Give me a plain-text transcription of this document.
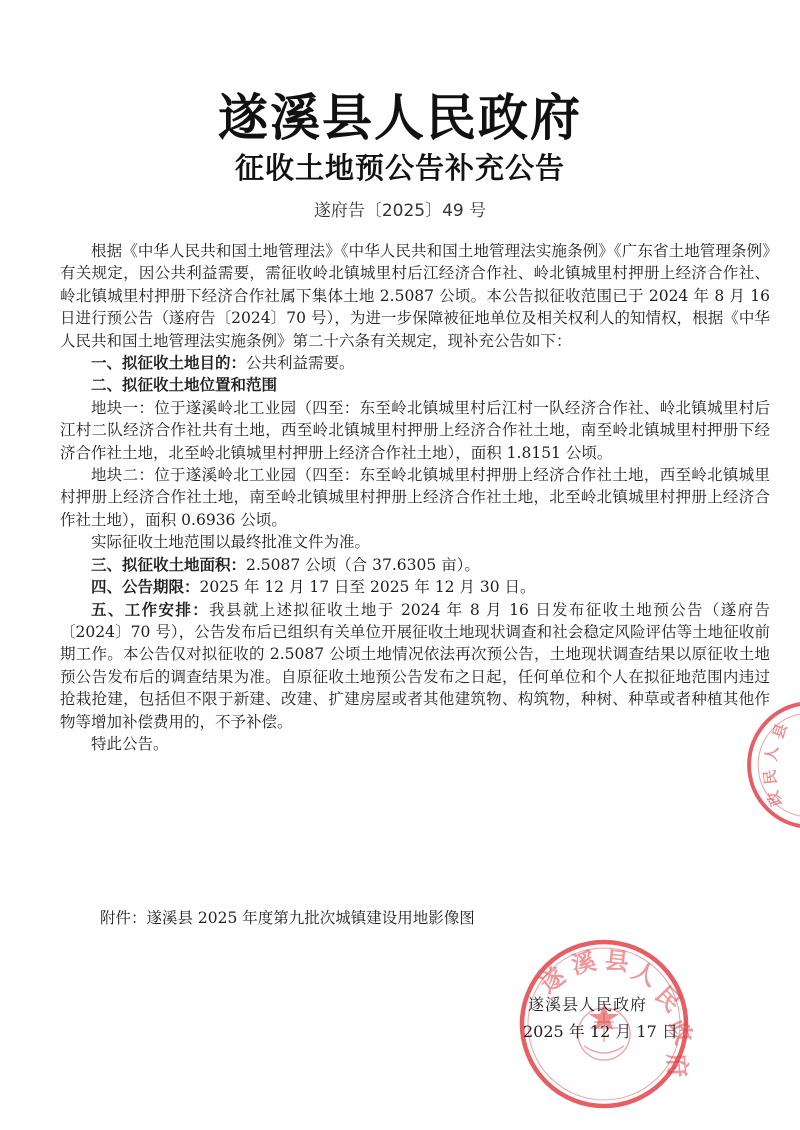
遂溪县人民政府
征收土地预公告补充公告
遂府告〔2025〕49 号

根据《中华人民共和国土地管理法》《中华人民共和国土地管理法实施条例》《广东省土地管理条例》有关规定，因公共利益需要，需征收岭北镇城里村后江经济合作社、岭北镇城里村押册上经济合作社、岭北镇城里村押册下经济合作社属下集体土地 2.5087 公顷。本公告拟征收范围已于 2024 年 8 月 16 日进行预公告（遂府告〔2024〕70 号），为进一步保障被征地单位及相关权利人的知情权，根据《中华人民共和国土地管理法实施条例》第二十六条有关规定，现补充公告如下：

一、拟征收土地目的：公共利益需要。

二、拟征收土地位置和范围

地块一：位于遂溪岭北工业园（四至：东至岭北镇城里村后江村一队经济合作社、岭北镇城里村后江村二队经济合作社共有土地，西至岭北镇城里村押册上经济合作社土地，南至岭北镇城里村押册下经济合作社土地，北至岭北镇城里村押册上经济合作社土地），面积 1.8151 公顷。

地块二：位于遂溪岭北工业园（四至：东至岭北镇城里村押册上经济合作社土地，西至岭北镇城里村押册上经济合作社土地，南至岭北镇城里村押册上经济合作社土地，北至岭北镇城里村押册上经济合作社土地），面积 0.6936 公顷。

实际征收土地范围以最终批准文件为准。

三、拟征收土地面积：2.5087 公顷（合 37.6305 亩）。

四、公告期限：2025 年 12 月 17 日至 2025 年 12 月 30 日。

五、工作安排：我县就上述拟征收土地于 2024 年 8 月 16 日发布征收土地预公告（遂府告〔2024〕70 号），公告发布后已组织有关单位开展征收土地现状调查和社会稳定风险评估等土地征收前期工作。本公告仅对拟征收的 2.5087 公顷土地情况依法再次预公告，土地现状调查结果以原征收土地预公告发布后的调查结果为准。自原征收土地预公告发布之日起，任何单位和个人在拟征地范围内违过抢栽抢建，包括但不限于新建、改建、扩建房屋或者其他建筑物、构筑物，种树、种草或者种植其他作物等增加补偿费用的，不予补偿。

特此公告。

附件：遂溪县 2025 年度第九批次城镇建设用地影像图
遂
溪 县
人
民
政
府
遂溪县人民政府
2025 年 12 月 17 日
县
人
民
政
